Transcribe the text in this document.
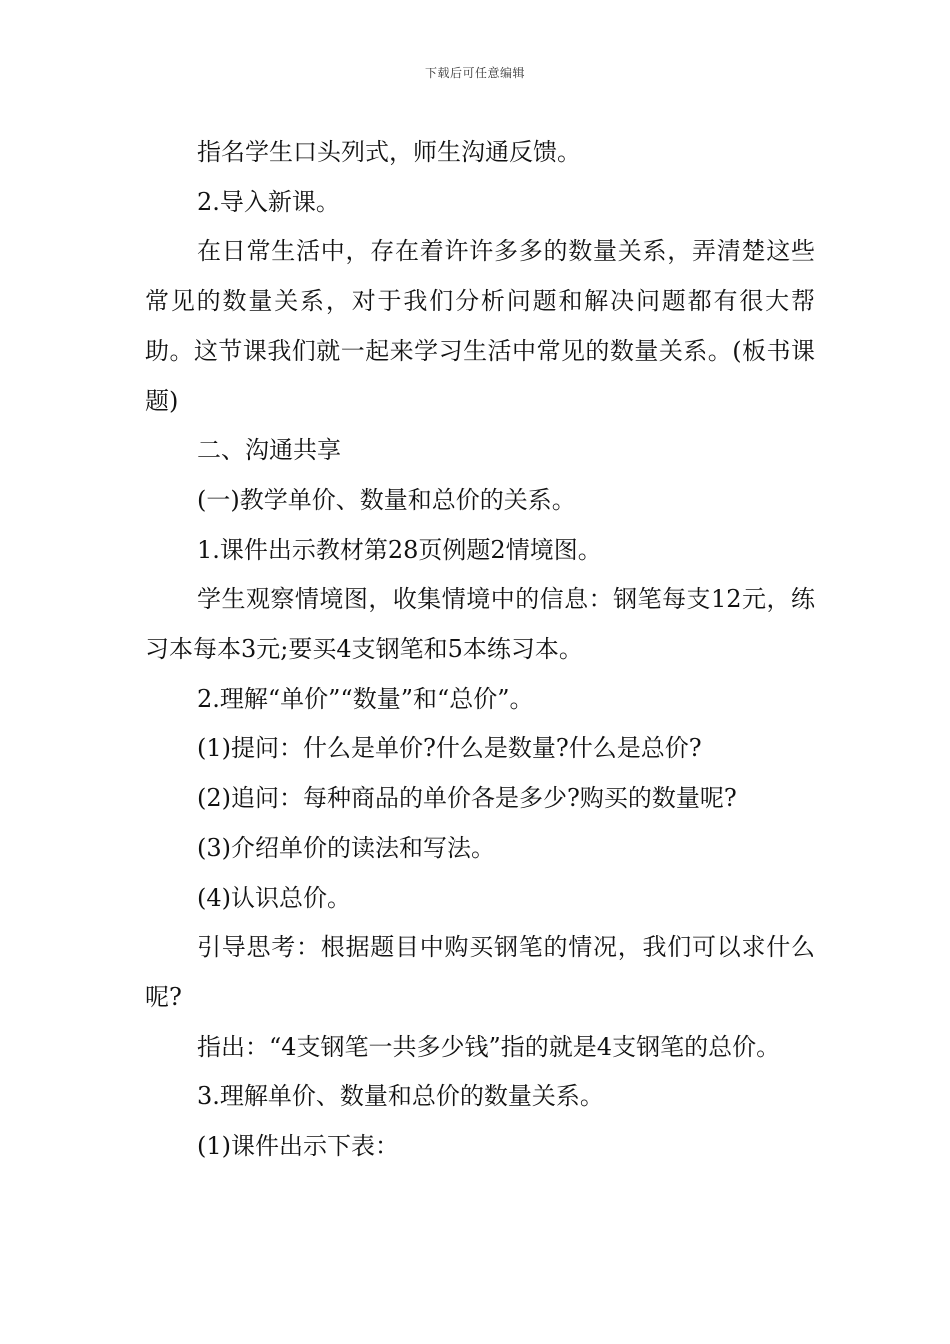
下载后可任意编辑

指名学生口头列式，师生沟通反馈。

2.导入新课。

在日常生活中，存在着许许多多的数量关系，弄清楚这些常见的数量关系，对于我们分析问题和解决问题都有很大帮助。这节课我们就一起来学习生活中常见的数量关系。(板书课题)

二、沟通共享

(一)教学单价、数量和总价的关系。

1.课件出示教材第28页例题2情境图。

学生观察情境图，收集情境中的信息：钢笔每支12元，练习本每本3元;要买4支钢笔和5本练习本。

2.理解“单价”“数量”和“总价”。

(1)提问：什么是单价?什么是数量?什么是总价?

(2)追问：每种商品的单价各是多少?购买的数量呢?

(3)介绍单价的读法和写法。

(4)认识总价。

引导思考：根据题目中购买钢笔的情况，我们可以求什么呢?

指出：“4支钢笔一共多少钱”指的就是4支钢笔的总价。

3.理解单价、数量和总价的数量关系。

(1)课件出示下表：
